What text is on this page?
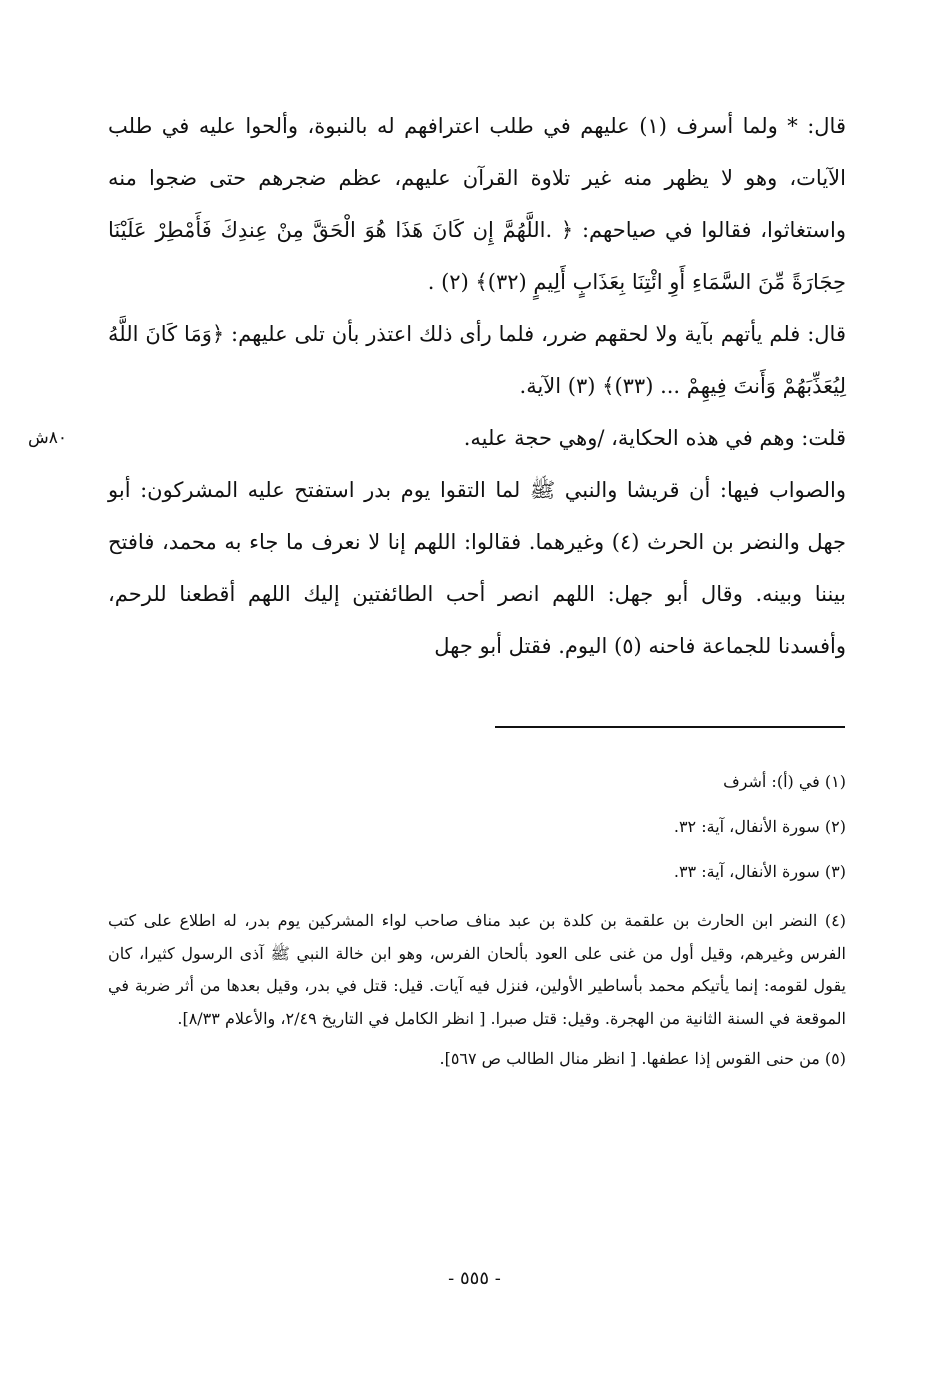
قال: * ولما أسرف (١) عليهم في طلب اعترافهم له بالنبوة، وألحوا عليه في طلب الآيات، وهو لا يظهر منه غير تلاوة القرآن عليهم، عظم ضجرهم حتى ضجوا منه واستغاثوا، فقالوا في صياحهم: ﴿ .اللَّهُمَّ إِن كَانَ هَذَا هُوَ الْحَقَّ مِنْ عِندِكَ فَأَمْطِرْ عَلَيْنَا حِجَارَةً مِّنَ السَّمَاءِ أَوِ ائْتِنَا بِعَذَابٍ أَلِيمٍ (٣٢)﴾ (٢) .

قال: فلم يأتهم بآية ولا لحقهم ضرر، فلما رأى ذلك اعتذر بأن تلى عليهم: ﴿وَمَا كَانَ اللَّهُ لِيُعَذِّبَهُمْ وَأَنتَ فِيهِمْ ... (٣٣)﴾ (٣) الآية.

قلت: وهم في هذه الحكاية، /وهي حجة عليه.

والصواب فيها: أن قريشا والنبي ﷺ لما التقوا يوم بدر استفتح عليه المشركون: أبو جهل والنضر بن الحرث (٤) وغيرهما. فقالوا: اللهم إنا لا نعرف ما جاء به محمد، فافتح بيننا وبينه. وقال أبو جهل: اللهم انصر أحب الطائفتين إليك اللهم أقطعنا للرحم، وأفسدنا للجماعة فاحنه (٥) اليوم. فقتل أبو جهل

٨٠ش

(١) في (أ): أشرف

(٢) سورة الأنفال، آية: ٣٢.

(٣) سورة الأنفال، آية: ٣٣.

(٤) النضر ابن الحارث بن علقمة بن كلدة بن عبد مناف صاحب لواء المشركين يوم بدر، له اطلاع على كتب الفرس وغيرهم، وقيل أول من غنى على العود بألحان الفرس، وهو ابن خالة النبي ﷺ آذى الرسول كثيرا، كان يقول لقومه: إنما يأتيكم محمد بأساطير الأولين، فنزل فيه آيات. قيل: قتل في بدر، وقيل بعدها من أثر ضربة في الموقعة في السنة الثانية من الهجرة. وقيل: قتل صبرا. [ انظر الكامل في التاريخ ٢/٤٩، والأعلام ٨/٣٣].

(٥) من حنى القوس إذا عطفها. [ انظر منال الطالب ص ٥٦٧].

- ٥٥٥ -
